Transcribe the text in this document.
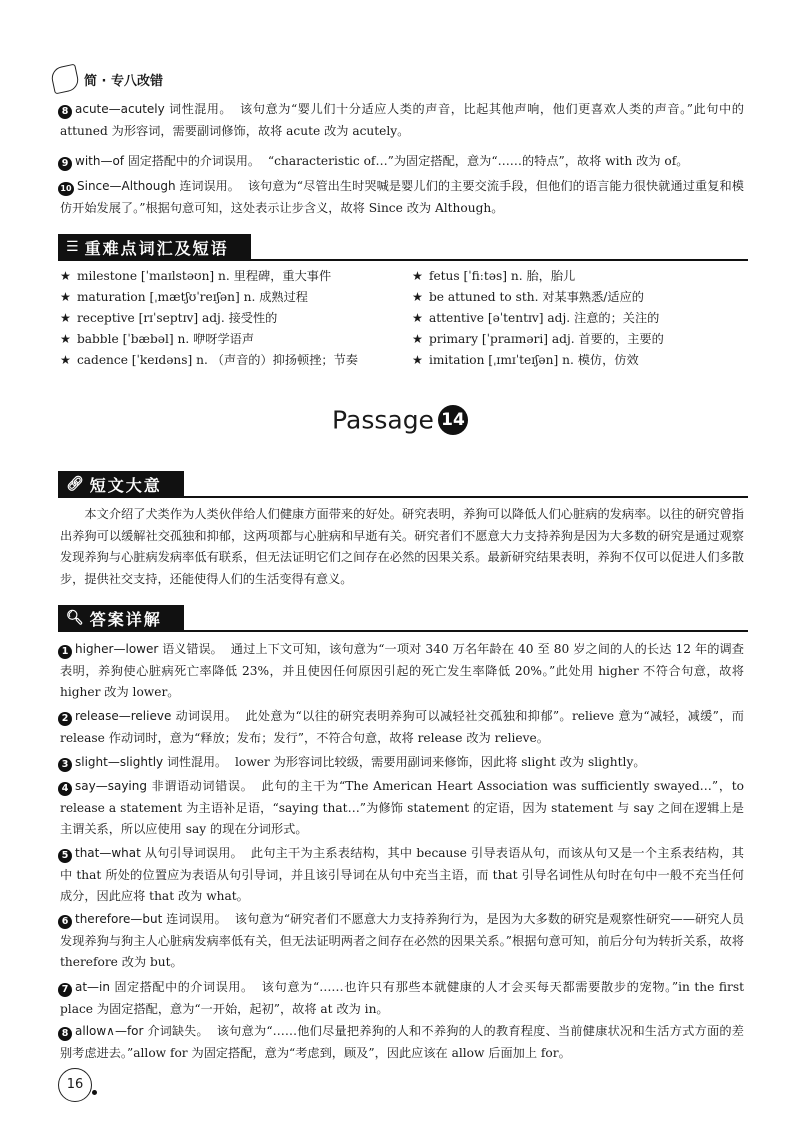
简 · 专八改错
8 acute—acutely 词性混用。 该句意为“婴儿们十分适应人类的声音，比起其他声响，他们更喜欢人类的声音。”此句中的 attuned 为形容词，需要副词修饰，故将 acute 改为 acutely。
9 with—of 固定搭配中的介词误用。 “characteristic of…”为固定搭配，意为“……的特点”，故将 with 改为 of。
10 Since—Although 连词误用。 该句意为“尽管出生时哭喊是婴儿们的主要交流手段，但他们的语言能力很快就通过重复和模仿开始发展了。”根据句意可知，这处表示让步含义，故将 Since 改为 Although。
☰ 重难点词汇及短语
★ milestone [ˈmaɪlstəʊn] n. 里程碑，重大事件
★ maturation [ˌmætʃʊˈreɪʃən] n. 成熟过程
★ receptive [rɪˈseptɪv] adj. 接受性的
★ babble [ˈbæbəl] n. 咿呀学语声
★ cadence [ˈkeɪdəns] n. （声音的）抑扬顿挫；节奏
★ fetus [ˈfiːtəs] n. 胎，胎儿
★ be attuned to sth. 对某事熟悉/适应的
★ attentive [əˈtentɪv] adj. 注意的；关注的
★ primary [ˈpraɪməri] adj. 首要的，主要的
★ imitation [ˌɪmɪˈteɪʃən] n. 模仿，仿效
Passage 14
🔗︎ 短文大意
本文介绍了犬类作为人类伙伴给人们健康方面带来的好处。研究表明，养狗可以降低人们心脏病的发病率。以往的研究曾指出养狗可以缓解社交孤独和抑郁，这两项都与心脏病和早逝有关。研究者们不愿意大力支持养狗是因为大多数的研究是通过观察发现养狗与心脏病发病率低有联系，但无法证明它们之间存在必然的因果关系。最新研究结果表明，养狗不仅可以促进人们多散步，提供社交支持，还能使得人们的生活变得有意义。
🔍︎ 答案详解
1 higher—lower 语义错误。 通过上下文可知，该句意为“一项对 340 万名年龄在 40 至 80 岁之间的人的长达 12 年的调查表明，养狗使心脏病死亡率降低 23%，并且使因任何原因引起的死亡发生率降低 20%。”此处用 higher 不符合句意，故将 higher 改为 lower。
2 release—relieve 动词误用。 此处意为“以往的研究表明养狗可以减轻社交孤独和抑郁”。relieve 意为“减轻，减缓”，而 release 作动词时，意为“释放；发布；发行”，不符合句意，故将 release 改为 relieve。
3 slight—slightly 词性混用。 lower 为形容词比较级，需要用副词来修饰，因此将 slight 改为 slightly。
4 say—saying 非谓语动词错误。 此句的主干为“The American Heart Association was sufficiently swayed…”，to release a statement 为主语补足语，“saying that…”为修饰 statement 的定语，因为 statement 与 say 之间在逻辑上是主谓关系，所以应使用 say 的现在分词形式。
5 that—what 从句引导词误用。 此句主干为主系表结构，其中 because 引导表语从句，而该从句又是一个主系表结构，其中 that 所处的位置应为表语从句引导词，并且该引导词在从句中充当主语，而 that 引导名词性从句时在句中一般不充当任何成分，因此应将 that 改为 what。
6 therefore—but 连词误用。 该句意为“研究者们不愿意大力支持养狗行为，是因为大多数的研究是观察性研究——研究人员发现养狗与狗主人心脏病发病率低有关，但无法证明两者之间存在必然的因果关系。”根据句意可知，前后分句为转折关系，故将 therefore 改为 but。
7 at—in 固定搭配中的介词误用。 该句意为“……也许只有那些本就健康的人才会买每天都需要散步的宠物。”in the first place 为固定搭配，意为“一开始，起初”，故将 at 改为 in。
8 allow∧—for 介词缺失。 该句意为“……他们尽量把养狗的人和不养狗的人的教育程度、当前健康状况和生活方式方面的差别考虑进去。”allow for 为固定搭配，意为“考虑到，顾及”，因此应该在 allow 后面加上 for。
16
